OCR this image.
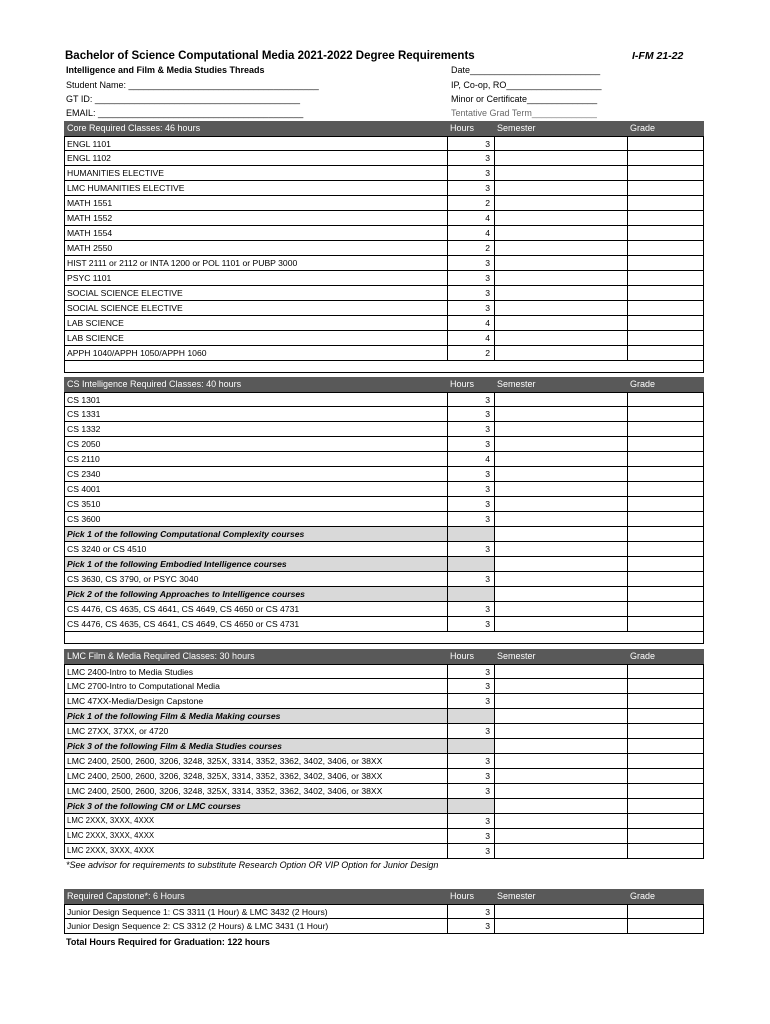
Bachelor of Science Computational Media 2021-2022 Degree Requirements	I-FM 21-22
Intelligence and Film & Media Studies Threads
Student Name: ______________________________________
GT ID: _________________________________________
EMAIL: _________________________________________
Date__________________________
IP, Co-op, RO___________________
Minor or Certificate______________
Tentative Grad Term_____________
Core Required Classes: 46 hours	Hours	Semester	Grade
ENGL 1101	3
ENGL 1102	3
HUMANITIES ELECTIVE	3
LMC HUMANITIES ELECTIVE	3
MATH 1551	2
MATH 1552	4
MATH 1554	4
MATH 2550	2
HIST 2111 or 2112 or INTA 1200 or POL 1101 or PUBP 3000	3
PSYC 1101	3
SOCIAL SCIENCE ELECTIVE	3
SOCIAL SCIENCE ELECTIVE	3
LAB SCIENCE	4
LAB SCIENCE	4
APPH 1040/APPH 1050/APPH 1060	2
CS Intelligence Required Classes: 40 hours	Hours	Semester	Grade
CS 1301	3
CS 1331	3
CS 1332	3
CS 2050	3
CS 2110	4
CS 2340	3
CS 4001	3
CS 3510	3
CS 3600	3
Pick 1 of the following Computational Complexity courses
CS 3240 or CS 4510	3
Pick 1 of the following Embodied Intelligence courses
CS 3630, CS 3790, or PSYC 3040	3
Pick 2 of the following Approaches to Intelligence courses
CS 4476, CS 4635, CS 4641, CS 4649, CS 4650 or CS 4731	3
CS 4476, CS 4635, CS 4641, CS 4649, CS 4650 or CS 4731	3
LMC Film & Media Required Classes: 30 hours	Hours	Semester	Grade
LMC 2400-Intro to Media Studies	3
LMC 2700-Intro to Computational Media	3
LMC 47XX-Media/Design Capstone	3
Pick 1 of the following Film & Media Making courses
LMC 27XX, 37XX, or 4720	3
Pick 3 of the following Film & Media Studies courses
LMC 2400, 2500, 2600, 3206, 3248, 325X, 3314, 3352, 3362, 3402, 3406, or 38XX	3
LMC 2400, 2500, 2600, 3206, 3248, 325X, 3314, 3352, 3362, 3402, 3406, or 38XX	3
LMC 2400, 2500, 2600, 3206, 3248, 325X, 3314, 3352, 3362, 3402, 3406, or 38XX	3
Pick 3 of the following CM or LMC courses
LMC 2XXX, 3XXX, 4XXX	3
LMC 2XXX, 3XXX, 4XXX	3
LMC 2XXX, 3XXX, 4XXX	3
*See advisor for requirements to substitute Research Option OR VIP Option for Junior Design
Required Capstone*: 6 Hours	Hours	Semester	Grade
Junior Design Sequence 1: CS 3311 (1 Hour) & LMC 3432 (2 Hours)	3
Junior Design Sequence 2: CS 3312 (2 Hours) & LMC 3431 (1 Hour)	3
Total Hours Required for Graduation: 122 hours
